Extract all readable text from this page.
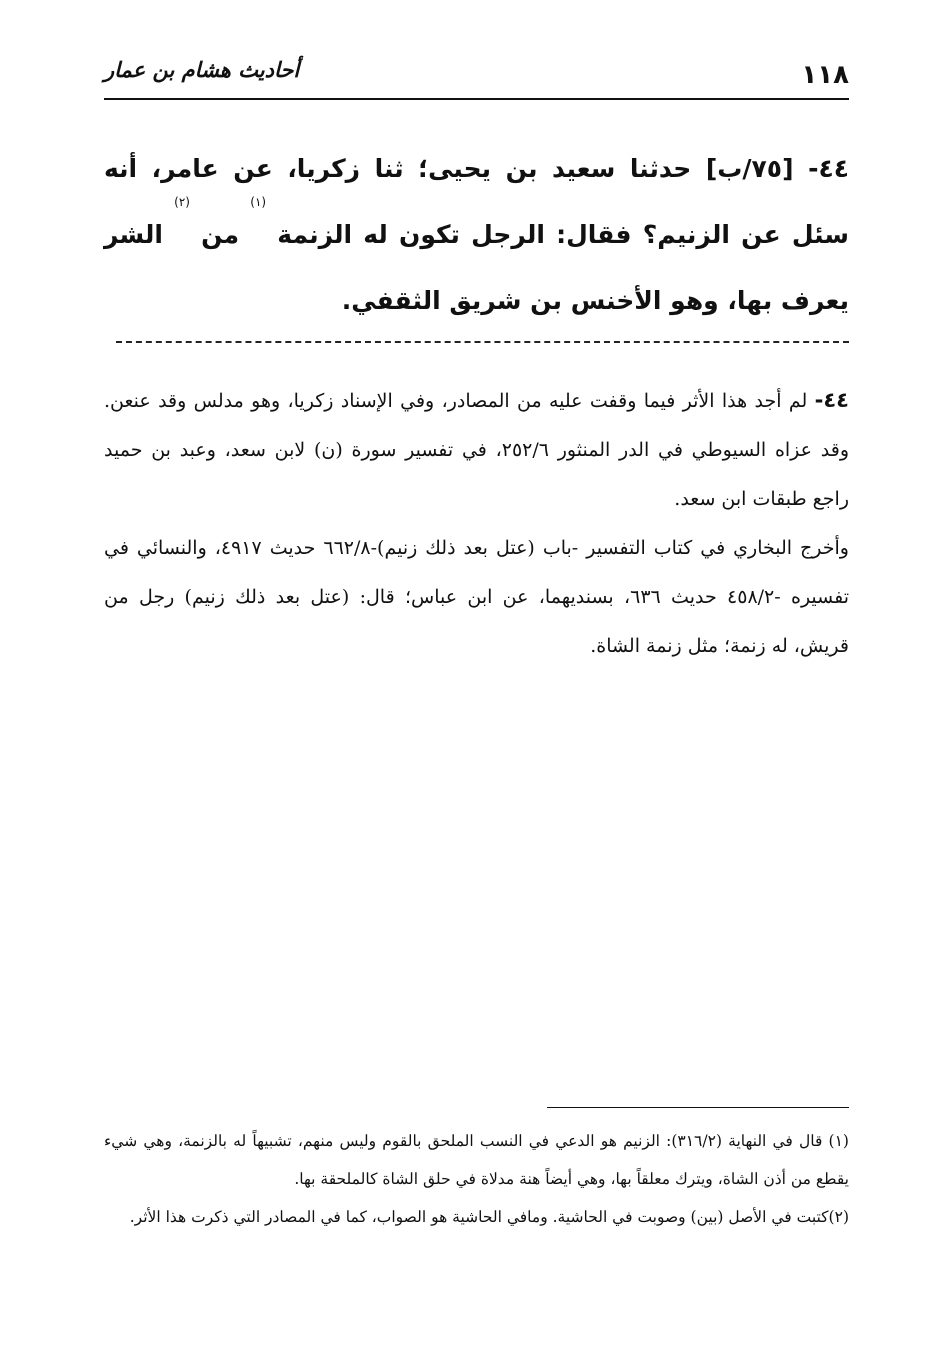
١١٨
أحاديث هشام بن عمار
٤٤- [٧٥/ب] حدثنا سعيد بن يحيى؛ ثنا زكريا، عن عامر، أنه سئل عن الزنيم؟ فقال: الرجل تكون له الزنمة $^{(١)}$ من $^{(٢)}$ الشر يعرف بها، وهو الأخنس بن شريق الثقفي.

٤٤- لم أجد هذا الأثر فيما وقفت عليه من المصادر، وفي الإسناد زكريا، وهو مدلس وقد عنعن. وقد عزاه السيوطي في الدر المنثور ٢٥٢/٦، في تفسير سورة (ن) لابن سعد، وعبد بن حميد راجع طبقات ابن سعد.

وأخرج البخاري في كتاب التفسير -باب (عتل بعد ذلك زنيم)-٦٦٢/٨ حديث ٤٩١٧، والنسائي في تفسيره -٤٥٨/٢ حديث ٦٣٦، بسنديهما، عن ابن عباس؛ قال: (عتل بعد ذلك زنيم) رجل من قريش، له زنمة؛ مثل زنمة الشاة.

(١) قال في النهاية (٣١٦/٢): الزنيم هو الدعي في النسب الملحق بالقوم وليس منهم، تشبيهاً له بالزنمة، وهي شيء يقطع من أذن الشاة، ويترك معلقاً بها، وهي أيضاً هنة مدلاة في حلق الشاة كالملحقة بها.

(٢)كتبت في الأصل (بين) وصوبت في الحاشية. ومافي الحاشية هو الصواب، كما في المصادر التي ذكرت هذا الأثر.
